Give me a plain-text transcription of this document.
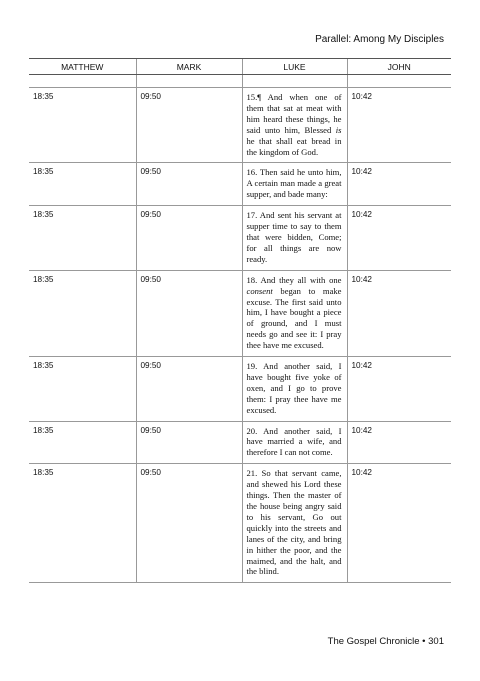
Parallel: Among My Disciples
MATTHEW	MARK	LUKE	JOHN

18:35	09:50	15.¶ And when one of them that sat at meat with him heard these things, he said unto him, Blessed is he that shall eat bread in the kingdom of God.	10:42
18:35	09:50	16. Then said he unto him, A certain man made a great supper, and bade many:	10:42
18:35	09:50	17. And sent his servant at supper time to say to them that were bidden, Come; for all things are now ready.	10:42
18:35	09:50	18. And they all with one consent began to make excuse. The first said unto him, I have bought a piece of ground, and I must needs go and see it: I pray thee have me excused.	10:42
18:35	09:50	19. And another said, I have bought five yoke of oxen, and I go to prove them: I pray thee have me excused.	10:42
18:35	09:50	20. And another said, I have married a wife, and therefore I can not come.	10:42
18:35	09:50	21. So that servant came, and shewed his Lord these things. Then the master of the house being angry said to his servant, Go out quickly into the streets and lanes of the city, and bring in hither the poor, and the maimed, and the halt, and the blind.	10:42
The Gospel Chronicle • 301
